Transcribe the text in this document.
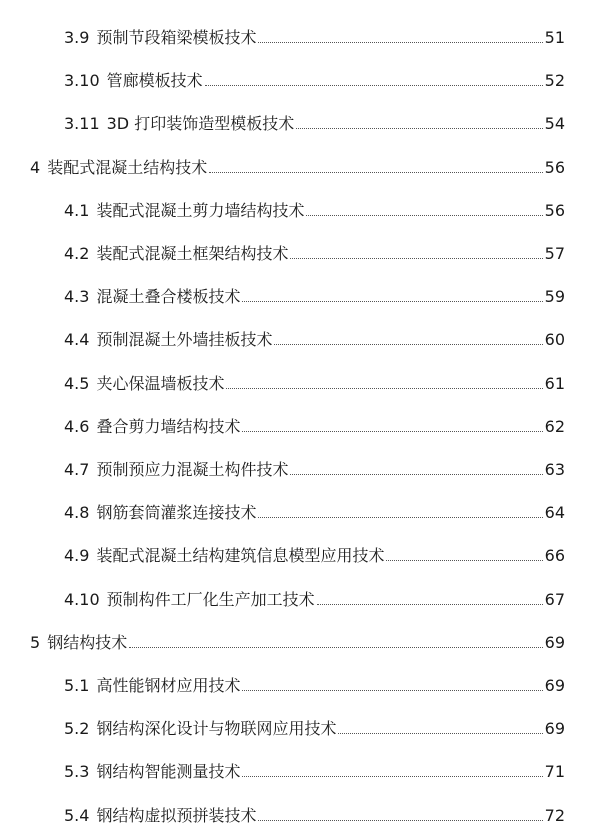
3.9 预制节段箱梁模板技术	51
3.10 管廊模板技术	52
3.11 3D 打印装饰造型模板技术	54
4 装配式混凝土结构技术	56
4.1 装配式混凝土剪力墙结构技术	56
4.2 装配式混凝土框架结构技术	57
4.3 混凝土叠合楼板技术	59
4.4 预制混凝土外墙挂板技术	60
4.5 夹心保温墙板技术	61
4.6 叠合剪力墙结构技术	62
4.7 预制预应力混凝土构件技术	63
4.8 钢筋套筒灌浆连接技术	64
4.9 装配式混凝土结构建筑信息模型应用技术	66
4.10 预制构件工厂化生产加工技术	67
5 钢结构技术	69
5.1 高性能钢材应用技术	69
5.2 钢结构深化设计与物联网应用技术	69
5.3 钢结构智能测量技术	71
5.4 钢结构虚拟预拼装技术	72
